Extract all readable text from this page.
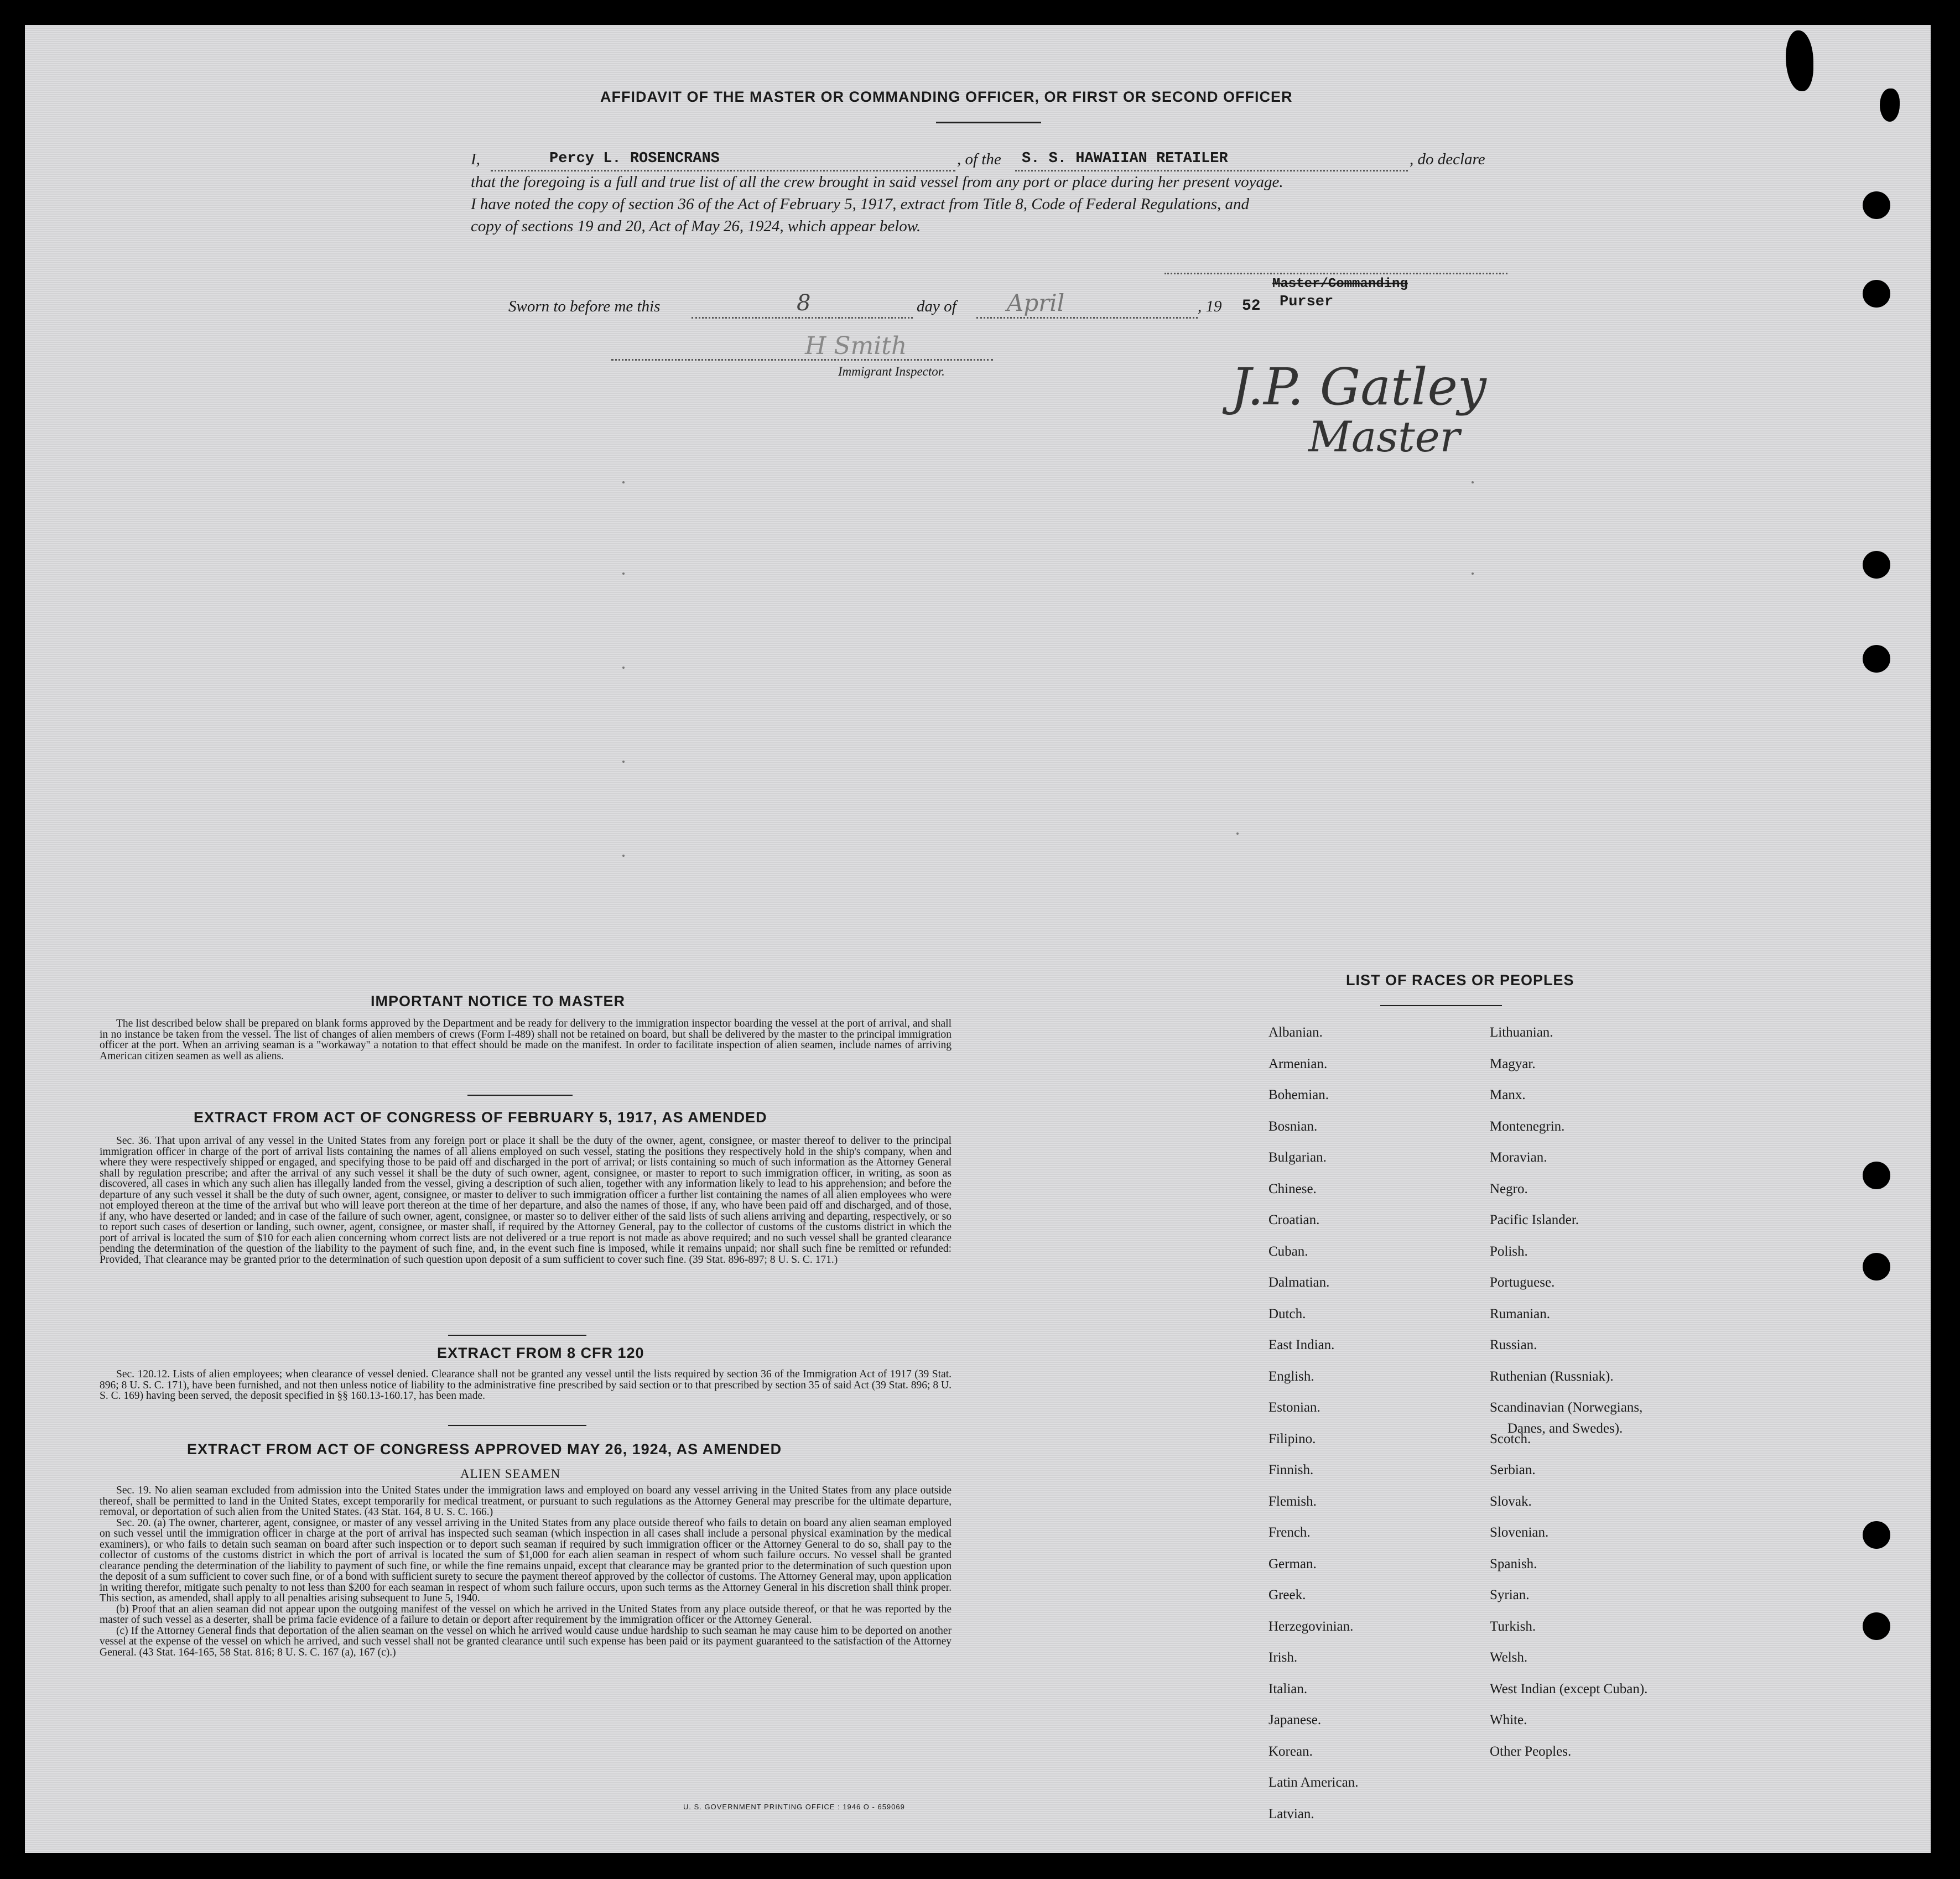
AFFIDAVIT OF THE MASTER OR COMMANDING OFFICER, OR FIRST OR SECOND OFFICER
I,	Percy L. ROSENCRANS	, of the S. S. HAWAIIAN RETAILER	, do declare
that the foregoing is a full and true list of all the crew brought in said vessel from any port or place during her present voyage.
I have noted the copy of section 36 of the Act of February 5, 1917, extract from Title 8, Code of Federal Regulations, and
copy of sections 19 and 20, Act of May 26, 1924, which appear below.
Master/Commanding
Purser
Sworn to before me this	8	day of April	, 19 52
H Smith
Immigrant Inspector.	J.P. Gatley
Master
IMPORTANT NOTICE TO MASTER
The list described below shall be prepared on blank forms approved by the Department and be ready for delivery to the immigration inspector boarding the vessel at the port of arrival, and shall in no instance be taken from the vessel. The list of changes of alien members of crews (Form I-489) shall not be retained on board, but shall be delivered by the master to the principal immigration officer at the port. When an arriving seaman is a "workaway" a notation to that effect should be made on the manifest. In order to facilitate inspection of alien seamen, include names of arriving American citizen seamen as well as aliens.
EXTRACT FROM ACT OF CONGRESS OF FEBRUARY 5, 1917, AS AMENDED
Sec. 36. That upon arrival of any vessel in the United States from any foreign port or place it shall be the duty of the owner, agent, consignee, or master thereof to deliver to the principal immigration officer in charge of the port of arrival lists containing the names of all aliens employed on such vessel, stating the positions they respectively hold in the ship's company, when and where they were respectively shipped or engaged, and specifying those to be paid off and discharged in the port of arrival; or lists containing so much of such information as the Attorney General shall by regulation prescribe; and after the arrival of any such vessel it shall be the duty of such owner, agent, consignee, or master to report to such immigration officer, in writing, as soon as discovered, all cases in which any such alien has illegally landed from the vessel, giving a description of such alien, together with any information likely to lead to his apprehension; and before the departure of any such vessel it shall be the duty of such owner, agent, consignee, or master to deliver to such immigration officer a further list containing the names of all alien employees who were not employed thereon at the time of the arrival but who will leave port thereon at the time of her departure, and also the names of those, if any, who have been paid off and discharged, and of those, if any, who have deserted or landed; and in case of the failure of such owner, agent, consignee, or master so to deliver either of the said lists of such aliens arriving and departing, respectively, or so to report such cases of desertion or landing, such owner, agent, consignee, or master shall, if required by the Attorney General, pay to the collector of customs of the customs district in which the port of arrival is located the sum of $10 for each alien concerning whom correct lists are not delivered or a true report is not made as above required; and no such vessel shall be granted clearance pending the determination of the question of the liability to the payment of such fine, and, in the event such fine is imposed, while it remains unpaid; nor shall such fine be remitted or refunded: Provided, That clearance may be granted prior to the determination of such question upon deposit of a sum sufficient to cover such fine. (39 Stat. 896-897; 8 U. S. C. 171.)
EXTRACT FROM 8 CFR 120
Sec. 120.12. Lists of alien employees; when clearance of vessel denied. Clearance shall not be granted any vessel until the lists required by section 36 of the Immigration Act of 1917 (39 Stat. 896; 8 U. S. C. 171), have been furnished, and not then unless notice of liability to the administrative fine prescribed by said section or to that prescribed by section 35 of said Act (39 Stat. 896; 8 U. S. C. 169) having been served, the deposit specified in §§ 160.13-160.17, has been made.
EXTRACT FROM ACT OF CONGRESS APPROVED MAY 26, 1924, AS AMENDED
ALIEN SEAMEN

Sec. 19. No alien seaman excluded from admission into the United States under the immigration laws and employed on board any vessel arriving in the United States from any place outside thereof, shall be permitted to land in the United States, except temporarily for medical treatment, or pursuant to such regulations as the Attorney General may prescribe for the ultimate departure, removal, or deportation of such alien from the United States. (43 Stat. 164, 8 U. S. C. 166.)

Sec. 20. (a) The owner, charterer, agent, consignee, or master of any vessel arriving in the United States from any place outside thereof who fails to detain on board any alien seaman employed on such vessel until the immigration officer in charge at the port of arrival has inspected such seaman (which inspection in all cases shall include a personal physical examination by the medical examiners), or who fails to detain such seaman on board after such inspection or to deport such seaman if required by such immigration officer or the Attorney General to do so, shall pay to the collector of customs of the customs district in which the port of arrival is located the sum of $1,000 for each alien seaman in respect of whom such failure occurs. No vessel shall be granted clearance pending the determination of the liability to payment of such fine, or while the fine remains unpaid, except that clearance may be granted prior to the determination of such question upon the deposit of a sum sufficient to cover such fine, or of a bond with sufficient surety to secure the payment thereof approved by the collector of customs. The Attorney General may, upon application in writing therefor, mitigate such penalty to not less than $200 for each seaman in respect of whom such failure occurs, upon such terms as the Attorney General in his discretion shall think proper. This section, as amended, shall apply to all penalties arising subsequent to June 5, 1940.

(b) Proof that an alien seaman did not appear upon the outgoing manifest of the vessel on which he arrived in the United States from any place outside thereof, or that he was reported by the master of such vessel as a deserter, shall be prima facie evidence of a failure to detain or deport after requirement by the immigration officer or the Attorney General.

(c) If the Attorney General finds that deportation of the alien seaman on the vessel on which he arrived would cause undue hardship to such seaman he may cause him to be deported on another vessel at the expense of the vessel on which he arrived, and such vessel shall not be granted clearance until such expense has been paid or its payment guaranteed to the satisfaction of the Attorney General. (43 Stat. 164-165, 58 Stat. 816; 8 U. S. C. 167 (a), 167 (c).)

U. S. GOVERNMENT PRINTING OFFICE : 1946 O - 659069
LIST OF RACES OR PEOPLES
Albanian.
Armenian.
Bohemian.
Bosnian.
Bulgarian.
Chinese.
Croatian.
Cuban.
Dalmatian.
Dutch.
East Indian.
English.
Estonian.
Filipino.
Finnish.
Flemish.
French.
German.
Greek.
Herzegovinian.
Irish.
Italian.
Japanese.
Korean.
Latin American.
Latvian.
Lithuanian.
Magyar.
Manx.
Montenegrin.
Moravian.
Negro.
Pacific Islander.
Polish.
Portuguese.
Rumanian.
Russian.
Ruthenian (Russniak).
Scandinavian (Norwegians,
Danes, and Swedes).
Scotch.
Serbian.
Slovak.
Slovenian.
Spanish.
Syrian.
Turkish.
Welsh.
West Indian (except Cuban).
White.
Other Peoples.
